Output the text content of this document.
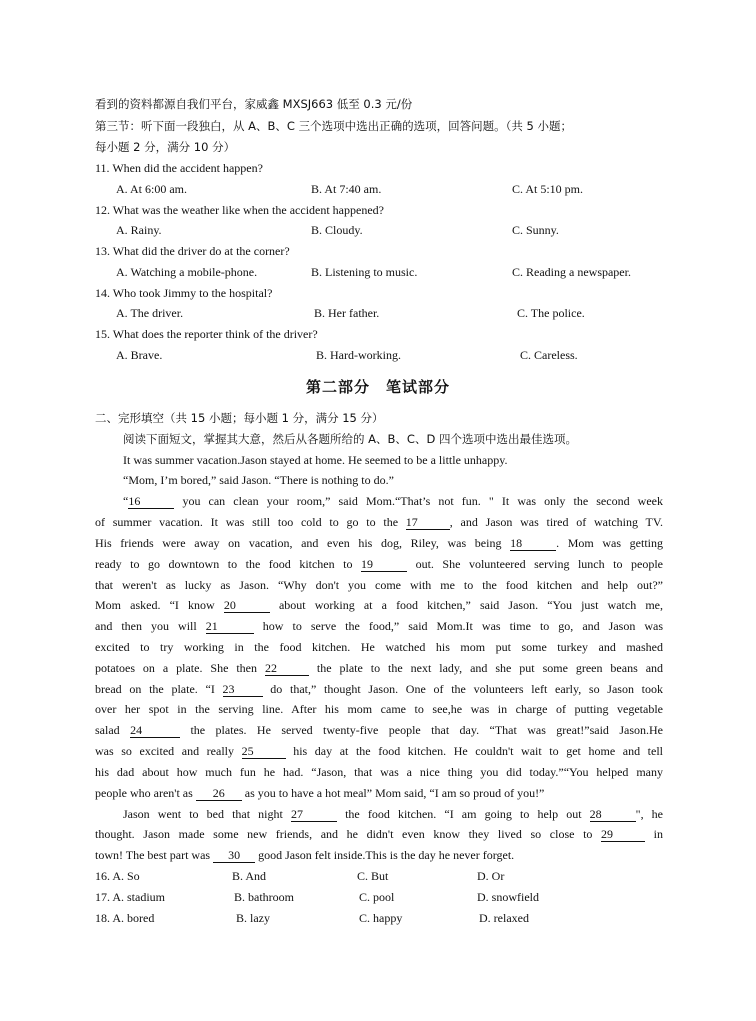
看到的资料都源自我们平台，家威鑫 MXSJ663 低至 0.3 元/份
第三节：听下面一段独白，从 A、B、C 三个选项中选出正确的选项，回答问题。（共 5 小题；
每小题 2 分，满分 10 分）
11. When did the accident happen?
A. At 6:00 am.	B. At 7:40 am.	C. At 5:10 pm.
12. What was the weather like when the accident happened?
A. Rainy.	B. Cloudy.	C. Sunny.
13. What did the driver do at the corner?
A. Watching a mobile-phone.	B. Listening to music.	C. Reading a newspaper.
14. Who took Jimmy to the hospital?
A. The driver.	B. Her father.	C. The police.
15. What does the reporter think of the driver?
A. Brave.	B. Hard-working.	C. Careless.
第二部分　笔试部分
二、完形填空（共 15 小题；每小题 1 分，满分 15 分）
阅读下面短文，掌握其大意，然后从各题所给的 A、B、C、D 四个选项中选出最佳选项。
It was summer vacation.Jason stayed at home. He seemed to be a little unhappy.
“Mom, I’m bored,” said Jason. “There is nothing to do.”
“16	you can clean your room,” said Mom.“That’s not fun. " It was only the second week
of summer vacation. It was still too cold to go to the 17	, and Jason was tired of watching TV.
His friends were away on vacation, and even his dog, Riley, was being 18	. Mom was getting
ready to go downtown to the food kitchen to 19	out. She volunteered serving lunch to people
that weren't as lucky as Jason. “Why don't you come with me to the food kitchen and help out?”
Mom asked. “I know 20	about working at a food kitchen,” said Jason. “You just watch me,
and then you will 21	how to serve the food,” said Mom.It was time to go, and Jason was
excited to try working in the food kitchen. He watched his mom put some turkey and mashed
potatoes on a plate. She then 22	the plate to the next lady, and she put some green beans and
bread on the plate. “I 23	do that,” thought Jason. One of the volunteers left early, so Jason took
over her spot in the serving line. After his mom came to see,he was in charge of putting vegetable
salad 24	the plates. He served twenty-five people that day. “That was great!”said Jason.He
was so excited and really 25	his day at the food kitchen. He couldn't wait to get home and tell
his dad about how much fun he had. “Jason, that was a nice thing you did today.”“You helped many
people who aren't as 26 as you to have a hot meal” Mom said, “I am so proud of you!”
Jason went to bed that night 27	the food kitchen. “I am going to help out 28	", he
thought. Jason made some new friends, and he didn't even know they lived so close to 29	in
town! The best part was 30 good Jason felt inside.This is the day he never forget.
16. A. So	B. And	C. But	D. Or
17. A. stadium	B. bathroom	C. pool	D. snowfield
18. A. bored	B. lazy	C. happy	D. relaxed
